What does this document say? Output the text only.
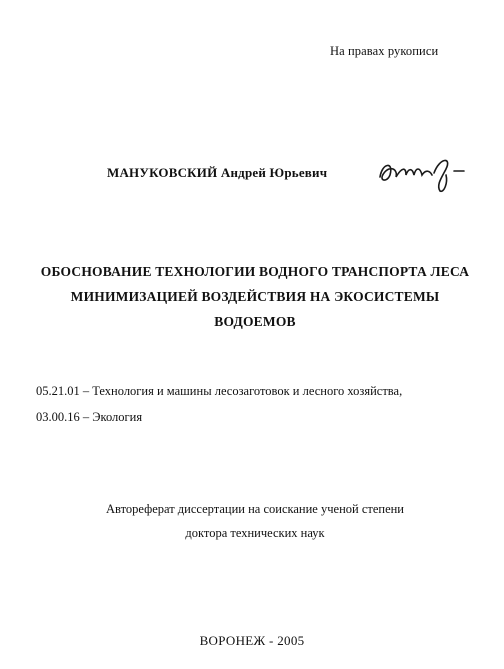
На правах рукописи
МАНУКОВСКИЙ Андрей Юрьевич
ОБОСНОВАНИЕ ТЕХНОЛОГИИ ВОДНОГО ТРАНСПОРТА ЛЕСА
МИНИМИЗАЦИЕЙ ВОЗДЕЙСТВИЯ НА ЭКОСИСТЕМЫ
ВОДОЕМОВ
05.21.01 – Технология и машины лесозаготовок и лесного хозяйства,
03.00.16 – Экология
Автореферат диссертации на соискание ученой степени
доктора технических наук
ВОРОНЕЖ - 2005
